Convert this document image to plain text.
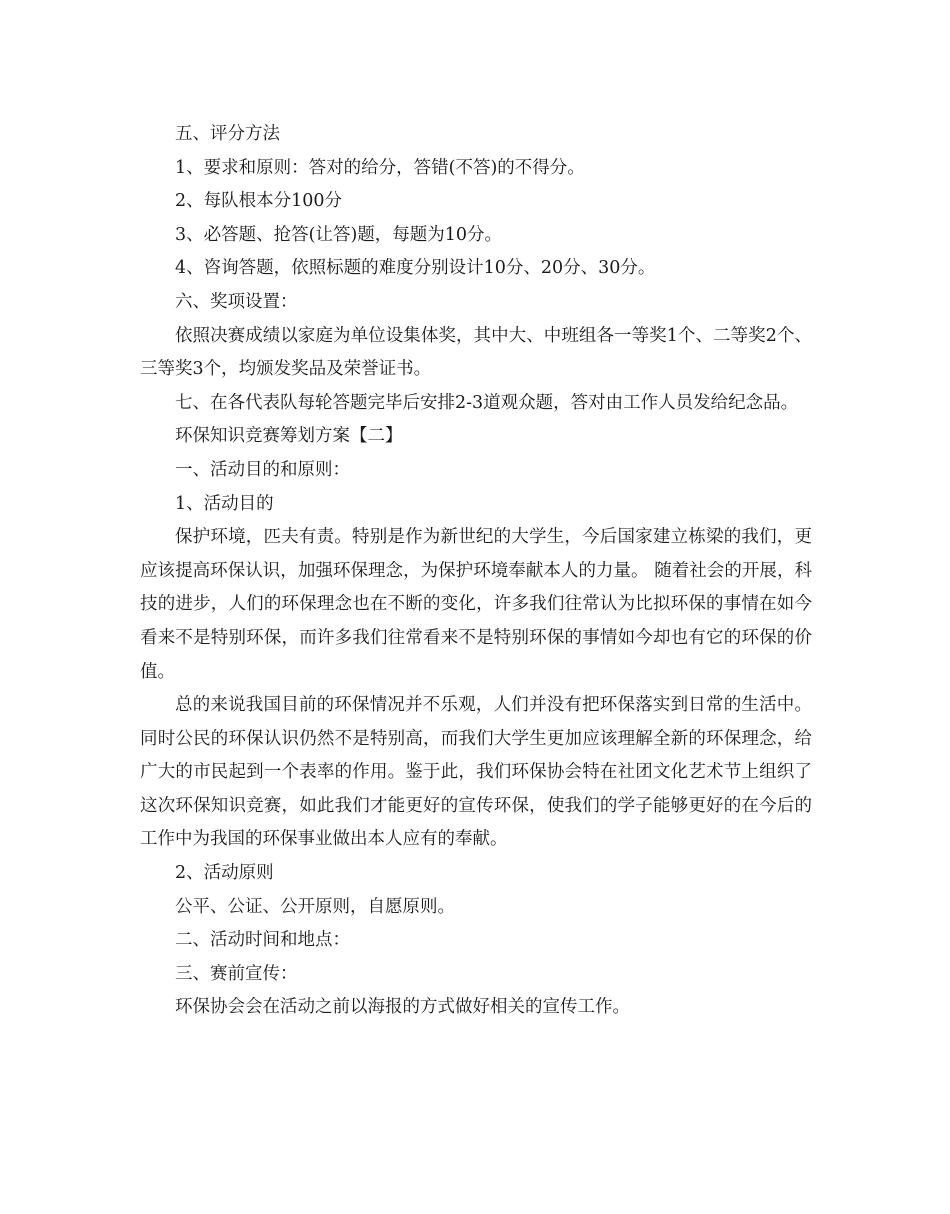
五、评分方法

1、要求和原则：答对的给分，答错(不答)的不得分。

2、每队根本分100分

3、必答题、抢答(让答)题，每题为10分。

4、咨询答题，依照标题的难度分别设计10分、20分、30分。

六、奖项设置：

依照决赛成绩以家庭为单位设集体奖，其中大、中班组各一等奖1个、二等奖2个、三等奖3个，均颁发奖品及荣誉证书。

七、在各代表队每轮答题完毕后安排2-3道观众题，答对由工作人员发给纪念品。

环保知识竞赛筹划方案【二】

一、活动目的和原则：

1、活动目的

保护环境，匹夫有责。特别是作为新世纪的大学生，今后国家建立栋梁的我们，更应该提高环保认识，加强环保理念，为保护环境奉献本人的力量。 随着社会的开展，科技的进步，人们的环保理念也在不断的变化，许多我们往常认为比拟环保的事情在如今看来不是特别环保，而许多我们往常看来不是特别环保的事情如今却也有它的环保的价值。

总的来说我国目前的环保情况并不乐观，人们并没有把环保落实到日常的生活中。同时公民的环保认识仍然不是特别高，而我们大学生更加应该理解全新的环保理念，给广大的市民起到一个表率的作用。鉴于此，我们环保协会特在社团文化艺术节上组织了这次环保知识竞赛，如此我们才能更好的宣传环保，使我们的学子能够更好的在今后的工作中为我国的环保事业做出本人应有的奉献。

2、活动原则

公平、公证、公开原则，自愿原则。

二、活动时间和地点：

三、赛前宣传：

环保协会会在活动之前以海报的方式做好相关的宣传工作。
